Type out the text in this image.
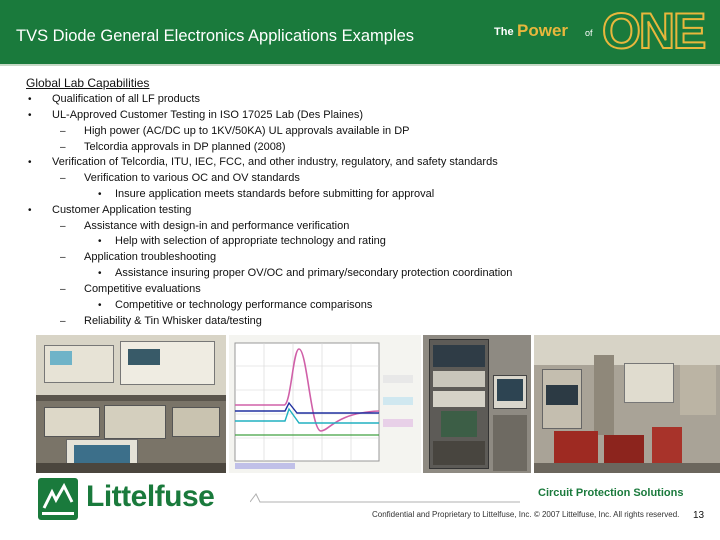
TVS Diode General Electronics Applications Examples	The Power of ONE
Global Lab Capabilities
• Qualification of all LF products
• UL-Approved Customer Testing in ISO 17025 Lab (Des Plaines)
– High power (AC/DC up to 1KV/50KA) UL approvals available in DP
– Telcordia approvals in DP planned (2008)
• Verification of Telcordia, ITU, IEC, FCC, and other industry, regulatory, and safety standards
– Verification to various OC and OV standards
• Insure application meets standards before submitting for approval
• Customer Application testing
– Assistance with design-in and performance verification
• Help with selection of appropriate technology and rating
– Application troubleshooting
• Assistance insuring proper OV/OC and primary/secondary protection coordination
– Competitive evaluations
• Competitive or technology performance comparisons
– Reliability & Tin Whisker data/testing
Littelfuse	Circuit Protection Solutions
Confidential and Proprietary to Littelfuse, Inc. © 2007 Littelfuse, Inc. All rights reserved. 13
